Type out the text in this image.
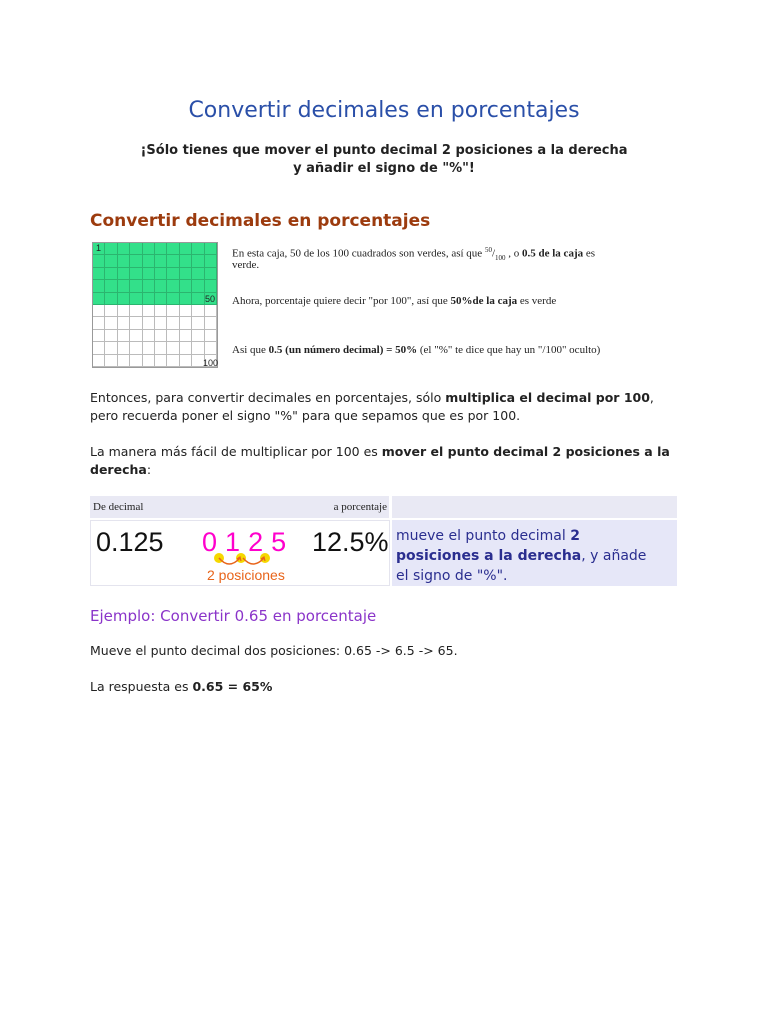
Convertir decimales en porcentajes
¡Sólo tienes que mover el punto decimal 2 posiciones a la derecha
y añadir el signo de "%"!
Convertir decimales en porcentajes
1
50
100
En esta caja, 50 de los 100 cuadrados son verdes, así que $^{50}/_{100}$ , o 0.5 de la caja es
verde.
Ahora, porcentaje quiere decir "por 100", así que 50%de la caja es verde
Asi que 0.5 (un número decimal) = 50% (el "%" te dice que hay un "/100" oculto)
Entonces, para convertir decimales en porcentajes, sólo multiplica el decimal por 100,
pero recuerda poner el signo "%" para que sepamos que es por 100.
La manera más fácil de multiplicar por 100 es mover el punto decimal 2 posiciones a la
derecha:
De decimal	a porcentaje
0.125 0125
2 posiciones
12.5% mueve el punto decimal 2
posiciones a la derecha, y añade
el signo de "%".
Ejemplo: Convertir 0.65 en porcentaje
Mueve el punto decimal dos posiciones: 0.65 -> 6.5 -> 65.
La respuesta es 0.65 = 65%
